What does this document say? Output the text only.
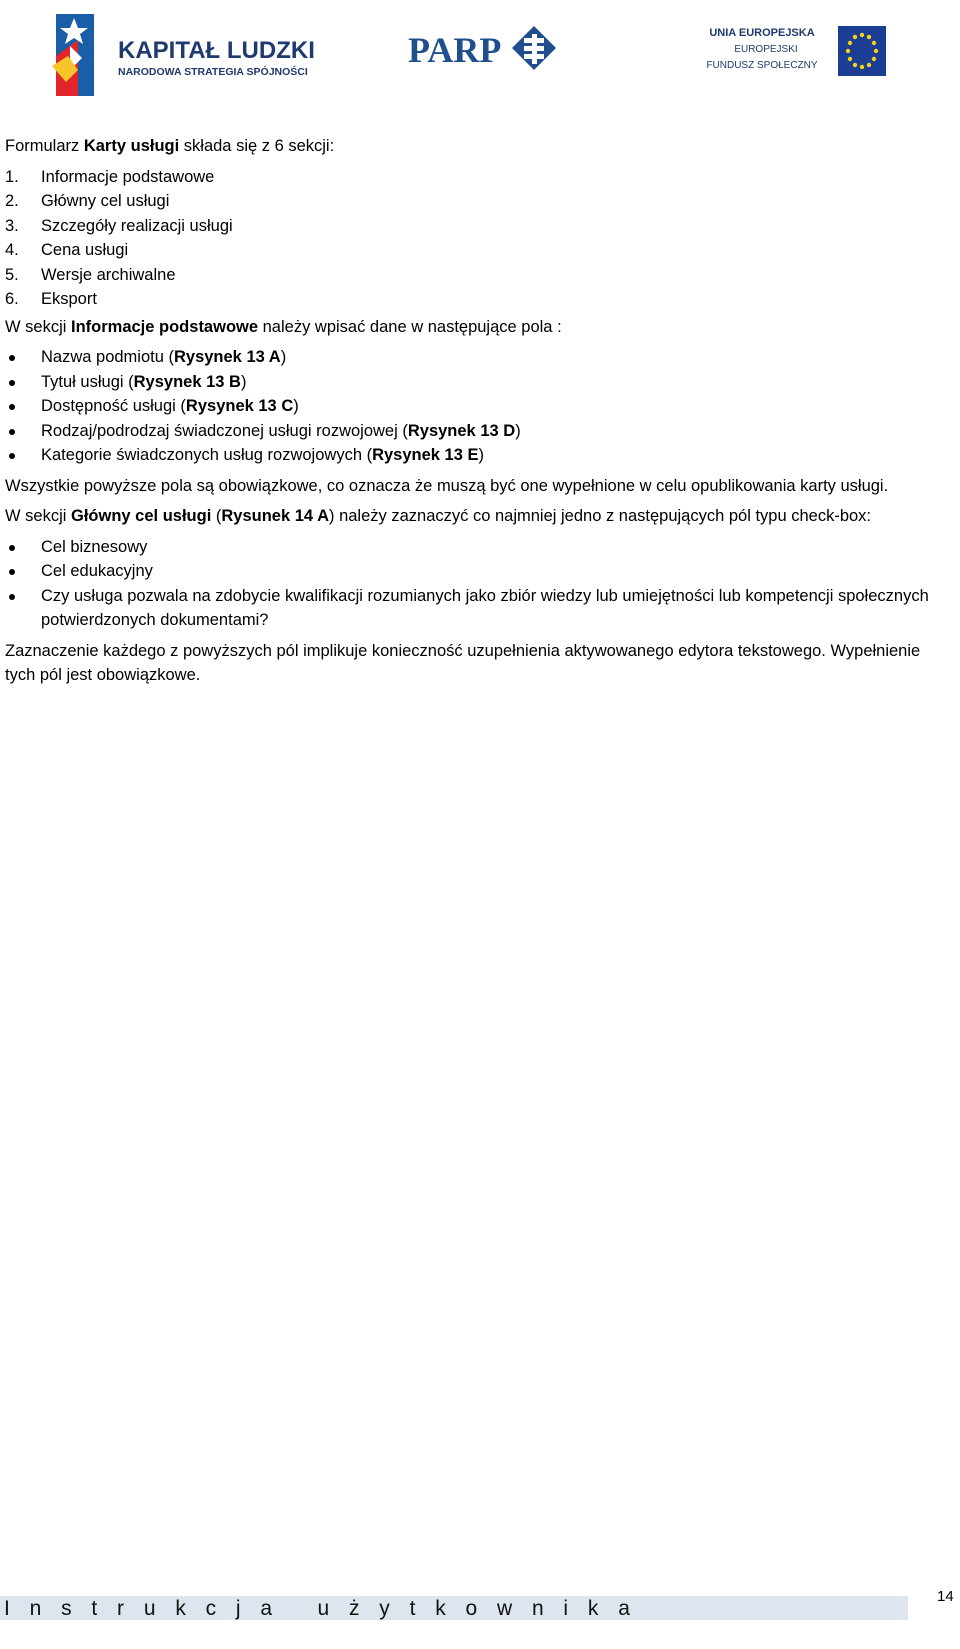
KAPITAŁ LUDZKI
NARODOWA STRATEGIA SPÓJNOŚCI
PARP	UNIA EUROPEJSKA
EUROPEJSKI
FUNDUSZ SPOŁECZNY

Formularz Karty usługi składa się z 6 sekcji:

1. Informacje podstawowe
2. Główny cel usługi
3. Szczegóły realizacji usługi
4. Cena usługi
5. Wersje archiwalne
6. Eksport

W sekcji Informacje podstawowe należy wpisać dane w następujące pola :

Nazwa podmiotu (Rysynek 13 A)
Tytuł usługi (Rysynek 13 B)
Dostępność usługi (Rysynek 13 C)
Rodzaj/podrodzaj świadczonej usługi rozwojowej (Rysynek 13 D)
Kategorie świadczonych usług rozwojowych (Rysynek 13 E)

Wszystkie powyższe pola są obowiązkowe, co oznacza że muszą być one wypełnione w celu opublikowania karty usługi.

W sekcji Główny cel usługi (Rysunek 14 A) należy zaznaczyć co najmniej jedno z następujących pól typu check-box:

Cel biznesowy
Cel edukacyjny
Czy usługa pozwala na zdobycie kwalifikacji rozumianych jako zbiór wiedzy lub umiejętności lub kompetencji społecznych potwierdzonych dokumentami?

Zaznaczenie każdego z powyższych pól implikuje konieczność uzupełnienia aktywowanego edytora tekstowego. Wypełnienie tych pól jest obowiązkowe.

Instrukcja użytkownika
14
